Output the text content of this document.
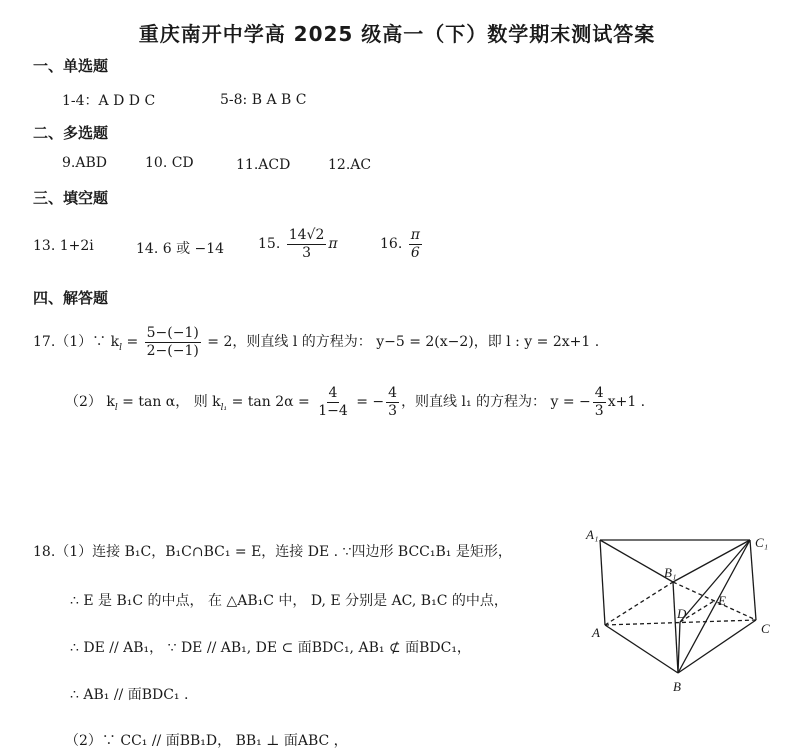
重庆南开中学高 2025 级高一（下）数学期末测试答案
一、单选题
1-4：A D D C	5-8: B A B C
二、多选题
9.ABD	10. CD	11.ACD	12.AC
三、填空题
13. 1+2i	14. 6 或 −14 15. $\frac{14√2}{3}$ π	16. $\frac{\pi}{6}$
四、解答题
17.（1）∵ $k_l = \frac{5-(-1)}{2-(-1)} = 2$，则直线 l 的方程为： y−5 = 2(x−2)，即 l : y = 2x+1 .
（2） $k_l = \tan \alpha$， 则 $k_{l_1} = \tan 2\alpha = \frac{4}{1-4}$ = − $\frac{4}{3}$ ，则直线 l₁ 的方程为： y = − $\frac{4}{3} x+1$ .
18.（1）连接 B₁C，B₁C∩BC₁ = E，连接 DE . ∵四边形 BCC₁B₁ 是矩形，
∴ E 是 B₁C 的中点， 在 △AB₁C 中， D, E 分别是 AC, B₁C 的中点，
∴ DE // AB₁， ∵ DE // AB₁, DE ⊂ 面BDC₁, AB₁ ⊄ 面BDC₁，
∴ AB₁ // 面BDC₁ .
（2）∵ CC₁ // 面BB₁D， BB₁ ⊥ 面ABC ，
A₁
C₁
B₁
E
D
A	C
B
